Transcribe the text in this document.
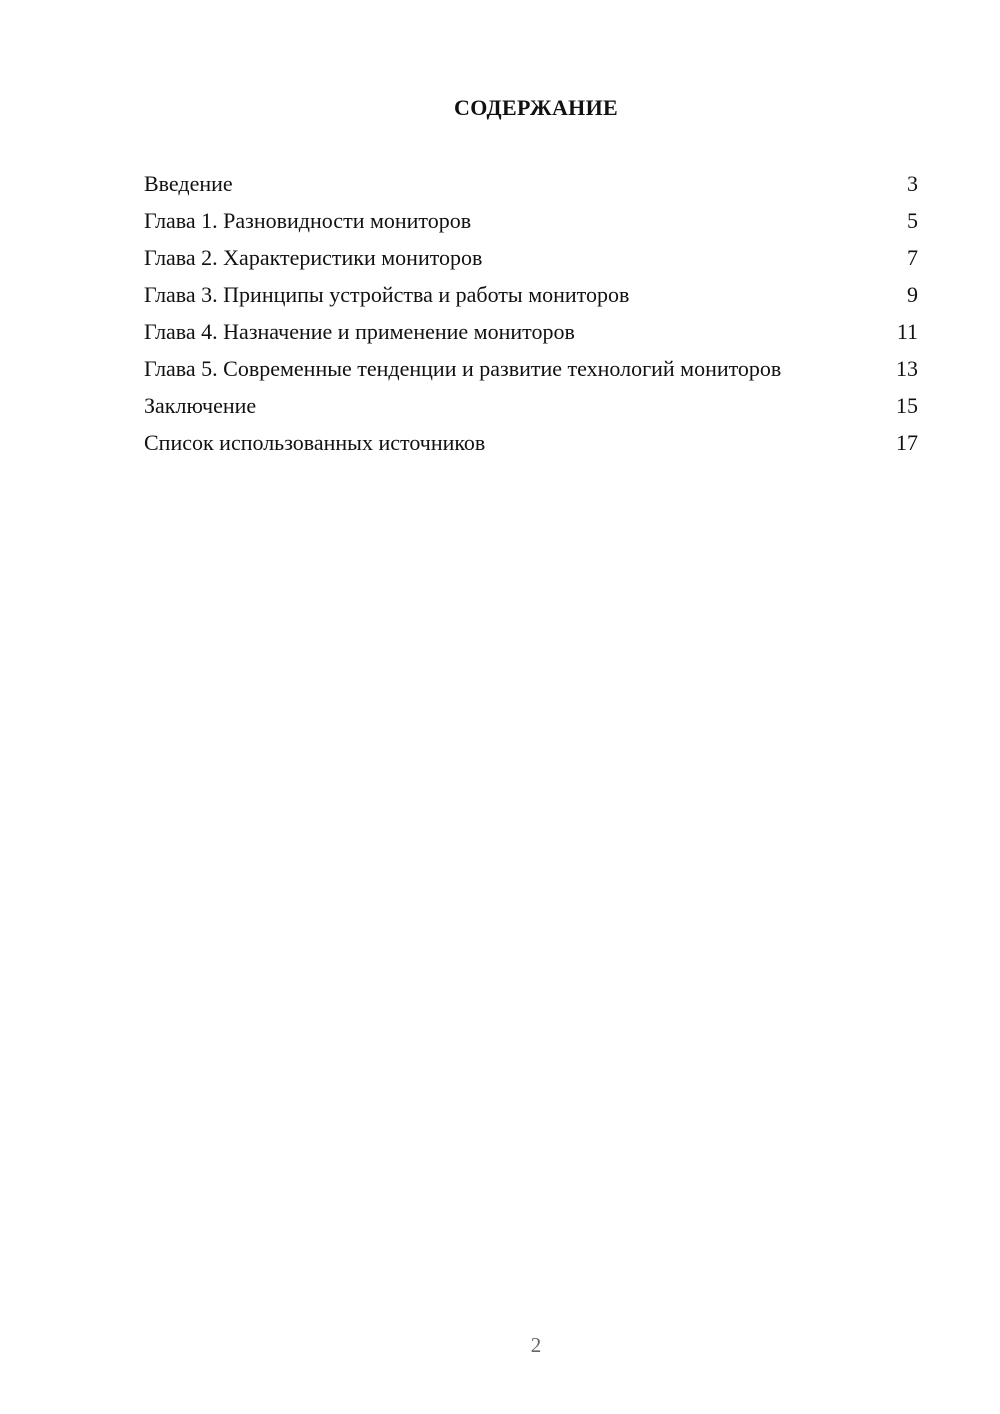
СОДЕРЖАНИЕ
Введение	3
Глава 1. Разновидности мониторов	5
Глава 2. Характеристики мониторов	7
Глава 3. Принципы устройства и работы мониторов	9
Глава 4. Назначение и применение мониторов	11
Глава 5. Современные тенденции и развитие технологий мониторов	13
Заключение	15
Список использованных источников	17
2
